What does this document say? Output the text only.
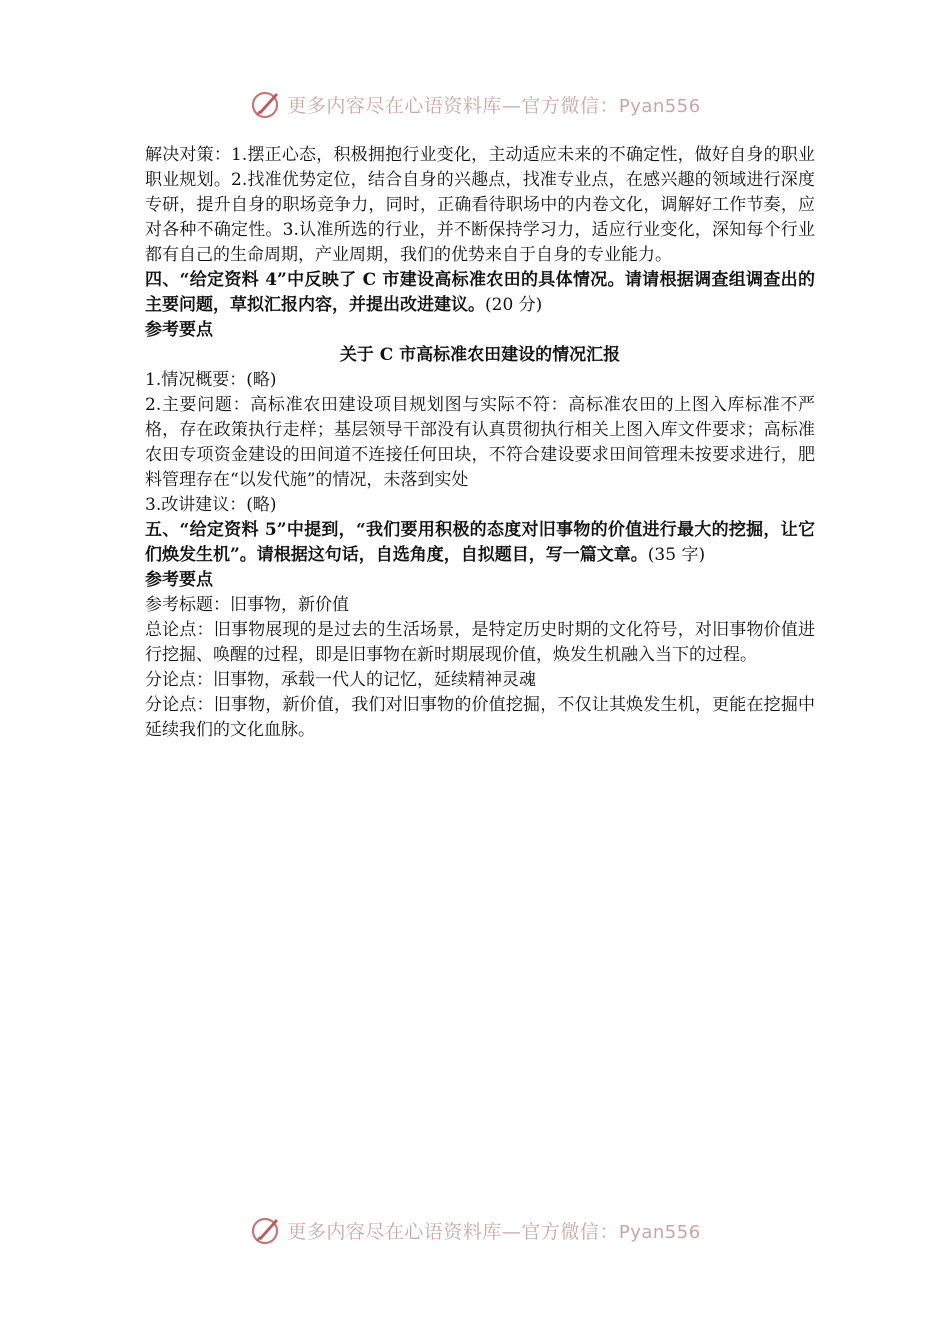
更多内容尽在心语资料库—官方微信：Pyan556

解决对策：1.摆正心态，积极拥抱行业变化，主动适应未来的不确定性，做好自身的职业职业规划。2.找准优势定位，结合自身的兴趣点，找准专业点，在感兴趣的领域进行深度专研，提升自身的职场竞争力，同时，正确看待职场中的内卷文化，调解好工作节奏，应对各种不确定性。3.认准所选的行业，并不断保持学习力，适应行业变化，深知每个行业都有自己的生命周期，产业周期，我们的优势来自于自身的专业能力。

四、“给定资料 4”中反映了 C 市建设高标准农田的具体情况。请请根据调查组调查出的主要问题，草拟汇报内容，并提出改进建议。(20 分)

参考要点

关于 C 市高标准农田建设的情况汇报

1.情况概要：(略)

2.主要问题：高标准农田建设项目规划图与实际不符：高标准农田的上图入库标准不严格，存在政策执行走样；基层领导干部没有认真贯彻执行相关上图入库文件要求；高标准农田专项资金建设的田间道不连接任何田块，不符合建设要求田间管理未按要求进行，肥料管理存在“以发代施”的情况，未落到实处

3.改讲建议：(略)

五、“给定资料 5”中提到，“我们要用积极的态度对旧事物的价值进行最大的挖掘，让它们焕发生机”。请根据这句话，自选角度，自拟题目，写一篇文章。(35 字)

参考要点

参考标题：旧事物，新价值

总论点：旧事物展现的是过去的生活场景，是特定历史时期的文化符号，对旧事物价值进行挖掘、唤醒的过程，即是旧事物在新时期展现价值，焕发生机融入当下的过程。

分论点：旧事物，承载一代人的记忆，延续精神灵魂

分论点：旧事物，新价值，我们对旧事物的价值挖掘，不仅让其焕发生机，更能在挖掘中延续我们的文化血脉。

更多内容尽在心语资料库—官方微信：Pyan556
